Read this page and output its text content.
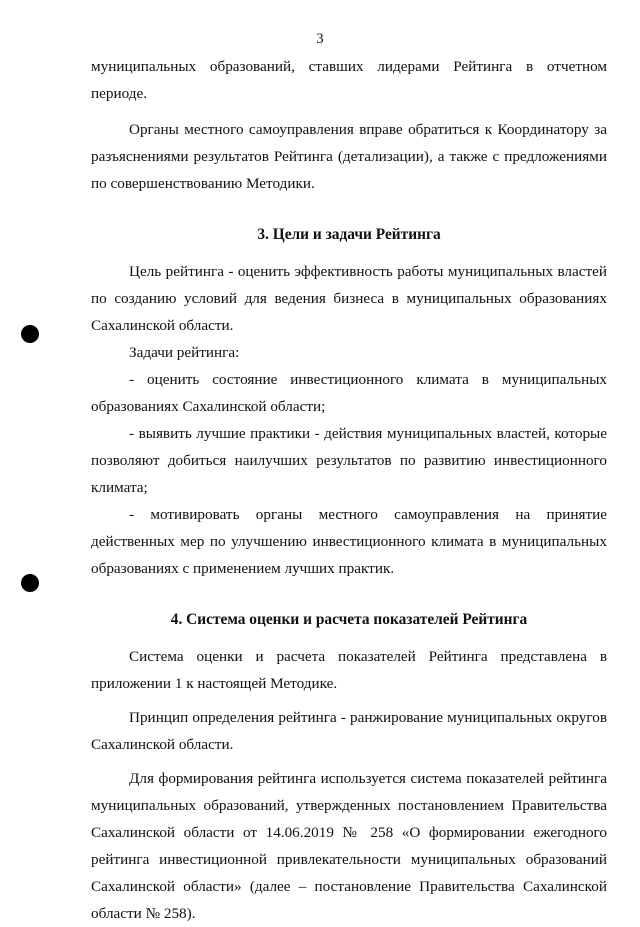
3

муниципальных образований, ставших лидерами Рейтинга в отчетном периоде.

Органы местного самоуправления вправе обратиться к Координатору за разъяснениями результатов Рейтинга (детализации), а также с предложениями по совершенствованию Методики.

3. Цели и задачи Рейтинга

Цель рейтинга - оценить эффективность работы муниципальных властей по созданию условий для ведения бизнеса в муниципальных образованиях Сахалинской области.

Задачи рейтинга:

- оценить состояние инвестиционного климата в муниципальных образованиях Сахалинской области;

- выявить лучшие практики - действия муниципальных властей, которые позволяют добиться наилучших результатов по развитию инвестиционного климата;

- мотивировать органы местного самоуправления на принятие действенных мер по улучшению инвестиционного климата в муниципальных образованиях с применением лучших практик.

4. Система оценки и расчета показателей Рейтинга

Система оценки и расчета показателей Рейтинга представлена в приложении 1 к настоящей Методике.

Принцип определения рейтинга - ранжирование муниципальных округов Сахалинской области.

Для формирования рейтинга используется система показателей рейтинга муниципальных образований, утвержденных постановлением Правительства Сахалинской области от 14.06.2019 № 258 «О формировании ежегодного рейтинга инвестиционной привлекательности муниципальных образований Сахалинской области» (далее – постановление Правительства Сахалинской области № 258).
